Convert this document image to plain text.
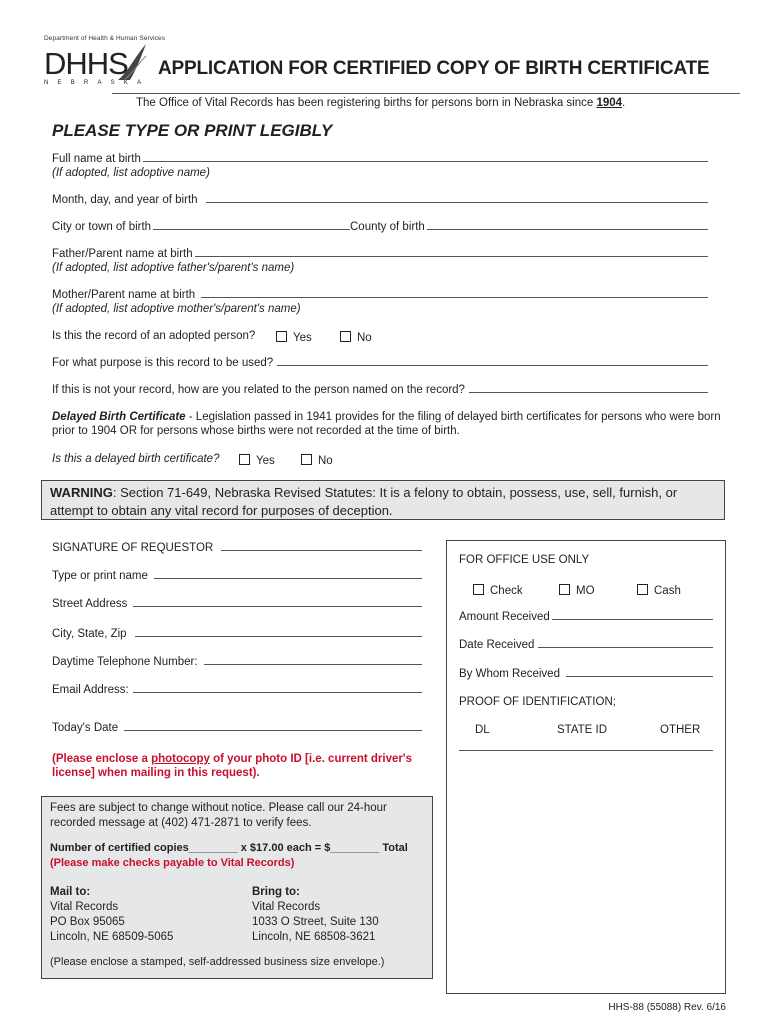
Department of Health & Human Services
DHHS
NEBRASKA
APPLICATION FOR CERTIFIED COPY OF BIRTH CERTIFICATE
The Office of Vital Records has been registering births for persons born in Nebraska since 1904.
PLEASE TYPE OR PRINT LEGIBLY
Full name at birth
(If adopted, list adoptive name)
Month, day, and year of birth
City or town of birth	County of birth
Father/Parent name at birth
(If adopted, list adoptive father's/parent's name)
Mother/Parent name at birth
(If adopted, list adoptive mother's/parent's name)
Is this the record of an adopted person?	Yes	No
For what purpose is this record to be used?
If this is not your record, how are you related to the person named on the record?
Delayed Birth Certificate - Legislation passed in 1941 provides for the filing of delayed birth certificates for persons who were born prior to 1904 OR for persons whose births were not recorded at the time of birth.
Is this a delayed birth certificate?	Yes	No
WARNING: Section 71-649, Nebraska Revised Statutes: It is a felony to obtain, possess, use, sell, furnish, or attempt to obtain any vital record for purposes of deception.
SIGNATURE OF REQUESTOR
Type or print name
Street Address
City, State, Zip
Daytime Telephone Number:
Email Address:
Today's Date
(Please enclose a photocopy of your photo ID [i.e. current driver's license] when mailing in this request).
FOR OFFICE USE ONLY
Check	MO	Cash
Amount Received
Date Received
By Whom Received
PROOF OF IDENTIFICATION;
DL	STATE ID	OTHER
Fees are subject to change without notice. Please call our 24-hour recorded message at (402) 471-2871 to verify fees.
Number of certified copies________ x $17.00 each = $________ Total
(Please make checks payable to Vital Records)
Mail to:
Vital Records
PO Box 95065
Lincoln, NE 68509-5065
Bring to:
Vital Records
1033 O Street, Suite 130
Lincoln, NE 68508-3621
(Please enclose a stamped, self-addressed business size envelope.)
HHS-88 (55088) Rev. 6/16
